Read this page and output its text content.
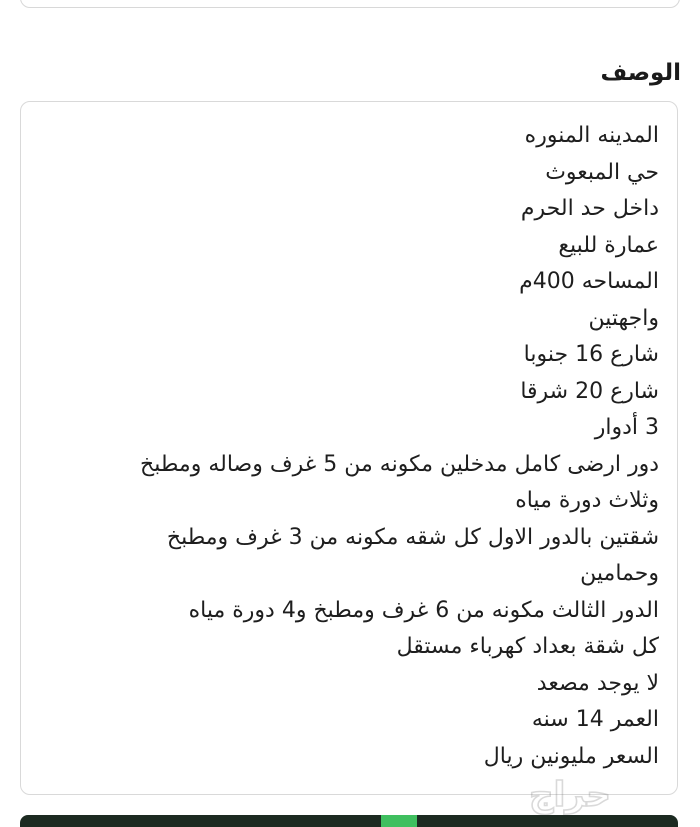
الوصف
المدينه المنوره
حي المبعوث
داخل حد الحرم
عمارة للبيع
المساحه 400م
واجهتين
شارع 16 جنوبا
شارع 20 شرقا
3 أدوار
دور ارضى كامل مدخلين مكونه من 5 غرف وصاله ومطبخ
وثلاث دورة مياه
شقتين بالدور الاول كل شقه مكونه من 3 غرف ومطبخ
وحمامين
الدور الثالث مكونه من 6 غرف ومطبخ و4 دورة مياه
كل شقة بعداد كهرباء مستقل
لا يوجد مصعد
العمر 14 سنه
السعر مليونين ريال
حراج
